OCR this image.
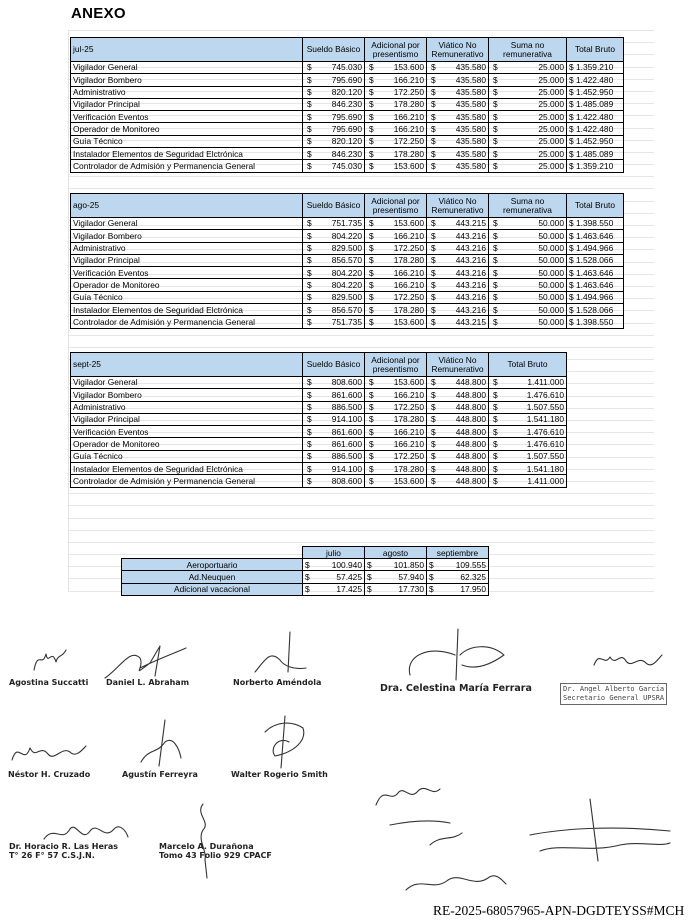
ANEXO
jul-25	Sueldo Básico	Adicional por presentismo	Viático No Remunerativo	Suma no remunerativa	Total Bruto
Vigilador General	$ 745.030	$ 153.600	$ 435.580	$ 25.000	$ 1.359.210
Vigilador Bombero	$ 795.690	$ 166.210	$ 435.580	$ 25.000	$ 1.422.480
Administrativo	$ 820.120	$ 172.250	$ 435.580	$ 25.000	$ 1.452.950
Vigilador Principal	$ 846.230	$ 178.280	$ 435.580	$ 25.000	$ 1.485.089
Verificación Eventos	$ 795.690	$ 166.210	$ 435.580	$ 25.000	$ 1.422.480
Operador de Monitoreo	$ 795.690	$ 166.210	$ 435.580	$ 25.000	$ 1.422.480
Guía Técnico	$ 820.120	$ 172.250	$ 435.580	$ 25.000	$ 1.452.950
Instalador Elementos de Seguridad Elctrónica	$ 846.230	$ 178.280	$ 435.580	$ 25.000	$ 1.485.089
Controlador de Admisión y Permanencia General	$ 745.030	$ 153.600	$ 435.580	$ 25.000	$ 1.359.210
ago-25	Sueldo Básico	Adicional por presentismo	Viático No Remunerativo	Suma no remunerativa	Total Bruto
Vigilador General	$ 751.735	$ 153.600	$ 443.215	$ 50.000	$ 1.398.550
Vigilador Bombero	$ 804.220	$ 166.210	$ 443.216	$ 50.000	$ 1.463.646
Administrativo	$ 829.500	$ 172.250	$ 443.216	$ 50.000	$ 1.494.966
Vigilador Principal	$ 856.570	$ 178.280	$ 443.216	$ 50.000	$ 1.528.066
Verificación Eventos	$ 804.220	$ 166.210	$ 443.216	$ 50.000	$ 1.463.646
Operador de Monitoreo	$ 804.220	$ 166.210	$ 443.216	$ 50.000	$ 1.463.646
Guía Técnico	$ 829.500	$ 172.250	$ 443.216	$ 50.000	$ 1.494.966
Instalador Elementos de Seguridad Elctrónica	$ 856.570	$ 178.280	$ 443.216	$ 50.000	$ 1.528.066
Controlador de Admisión y Permanencia General	$ 751.735	$ 153.600	$ 443.215	$ 50.000	$ 1.398.550
sept-25	Sueldo Básico	Adicional por presentismo	Viático No Remunerativo	Total Bruto
Vigilador General	$ 808.600	$ 153.600	$ 448.800	$ 1.411.000

Vigilador Bombero	$ 861.600	$ 166.210	$ 448.800	$ 1.476.610

Administrativo	$ 886.500	$ 172.250	$ 448.800	$ 1.507.550

Vigilador Principal	$ 914.100	$ 178.280	$ 448.800	$ 1.541.180

Verificación Eventos	$ 861.600	$ 166.210	$ 448.800	$ 1.476.610

Operador de Monitoreo	$ 861.600	$ 166.210	$ 448.800	$ 1.476.610

Guía Técnico	$ 886.500	$ 172.250	$ 448.800	$ 1.507.550

Instalador Elementos de Seguridad Elctrónica	$ 914.100	$ 178.280	$ 448.800	$ 1.541.180

Controlador de Admisión y Permanencia General	$ 808.600	$ 153.600	$ 448.800	$ 1.411.000
	julio	agosto	septiembre
Aeroportuario	$ 100.940	$ 101.850	$ 109.555

Ad.Neuquen	$ 57.425	$ 57.940	$ 62.325

Adicional vacacional	$ 17.425	$ 17.730	$ 17.950
Agostina Succatti Daniel L. Abraham	Norberto Améndola
Dra. Celestina María Ferrara	Dr. Angel Alberto García
Secretario General UPSRA
Néstor H. Cruzado	Agustín Ferreyra	Walter Rogerio Smith
Dr. Horacio R. Las Heras
T° 26 F° 57 C.S.J.N.
Marcelo A. Durañona
Tomo 43 Folio 929 CPACF
RE-2025-68057965-APN-DGDTEYSS#MCH
